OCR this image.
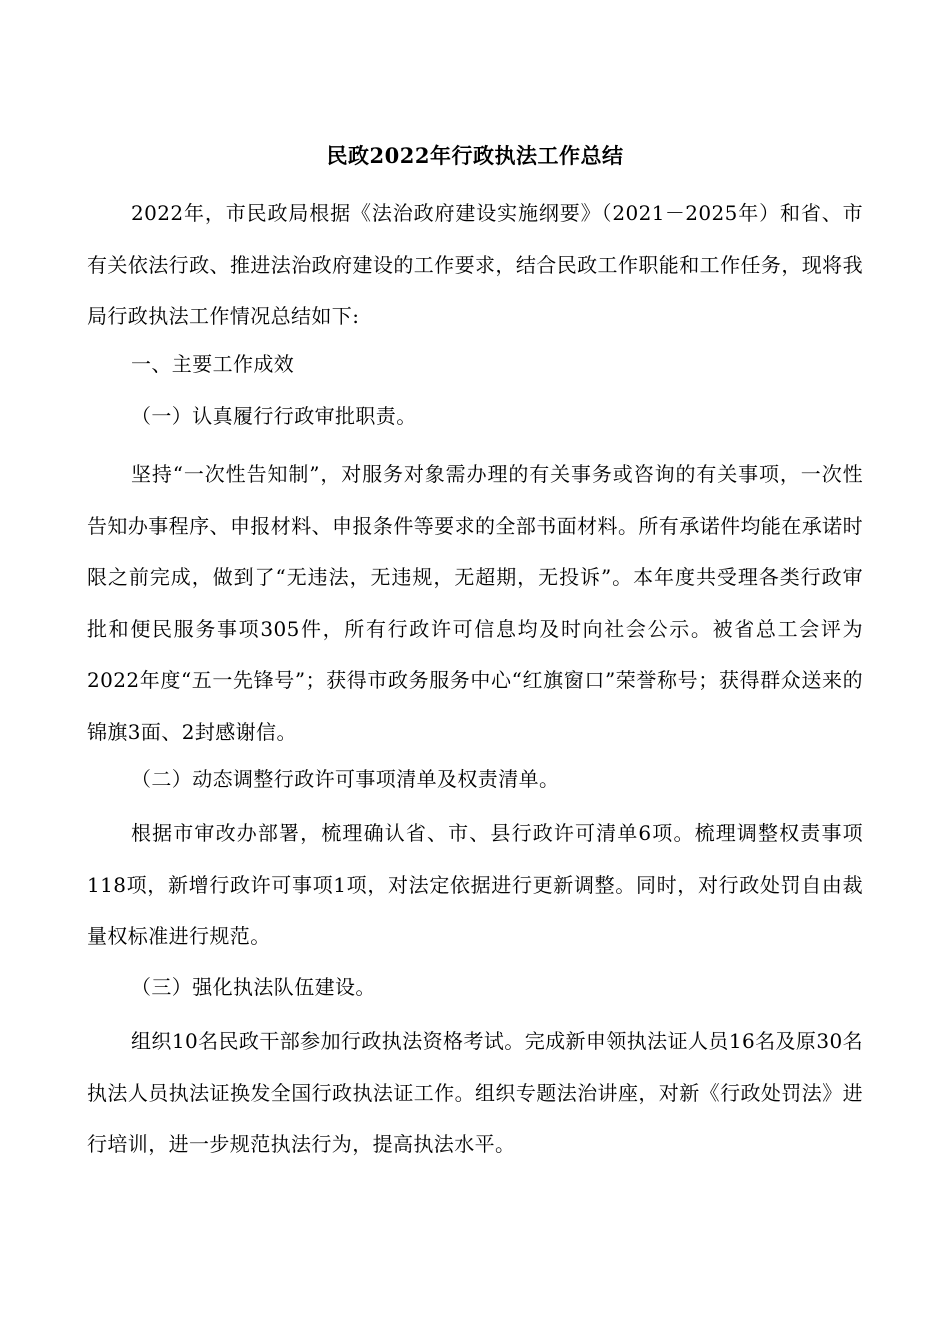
民政2022年行政执法工作总结

2022年，市民政局根据《法治政府建设实施纲要》（2021－2025年）和省、市有关依法行政、推进法治政府建设的工作要求，结合民政工作职能和工作任务，现将我局行政执法工作情况总结如下:

一、主要工作成效

（一）认真履行行政审批职责。

坚持“一次性告知制”，对服务对象需办理的有关事务或咨询的有关事项，一次性告知办事程序、申报材料、申报条件等要求的全部书面材料。所有承诺件均能在承诺时限之前完成，做到了“无违法，无违规，无超期，无投诉”。本年度共受理各类行政审批和便民服务事项305件，所有行政许可信息均及时向社会公示。被省总工会评为2022年度“五一先锋号”；获得市政务服务中心“红旗窗口”荣誉称号；获得群众送来的锦旗3面、2封感谢信。

（二）动态调整行政许可事项清单及权责清单。

根据市审改办部署，梳理确认省、市、县行政许可清单6项。梳理调整权责事项118项，新增行政许可事项1项，对法定依据进行更新调整。同时，对行政处罚自由裁量权标准进行规范。

（三）强化执法队伍建设。

组织10名民政干部参加行政执法资格考试。完成新申领执法证人员16名及原30名执法人员执法证换发全国行政执法证工作。组织专题法治讲座，对新《行政处罚法》进行培训，进一步规范执法行为，提高执法水平。
